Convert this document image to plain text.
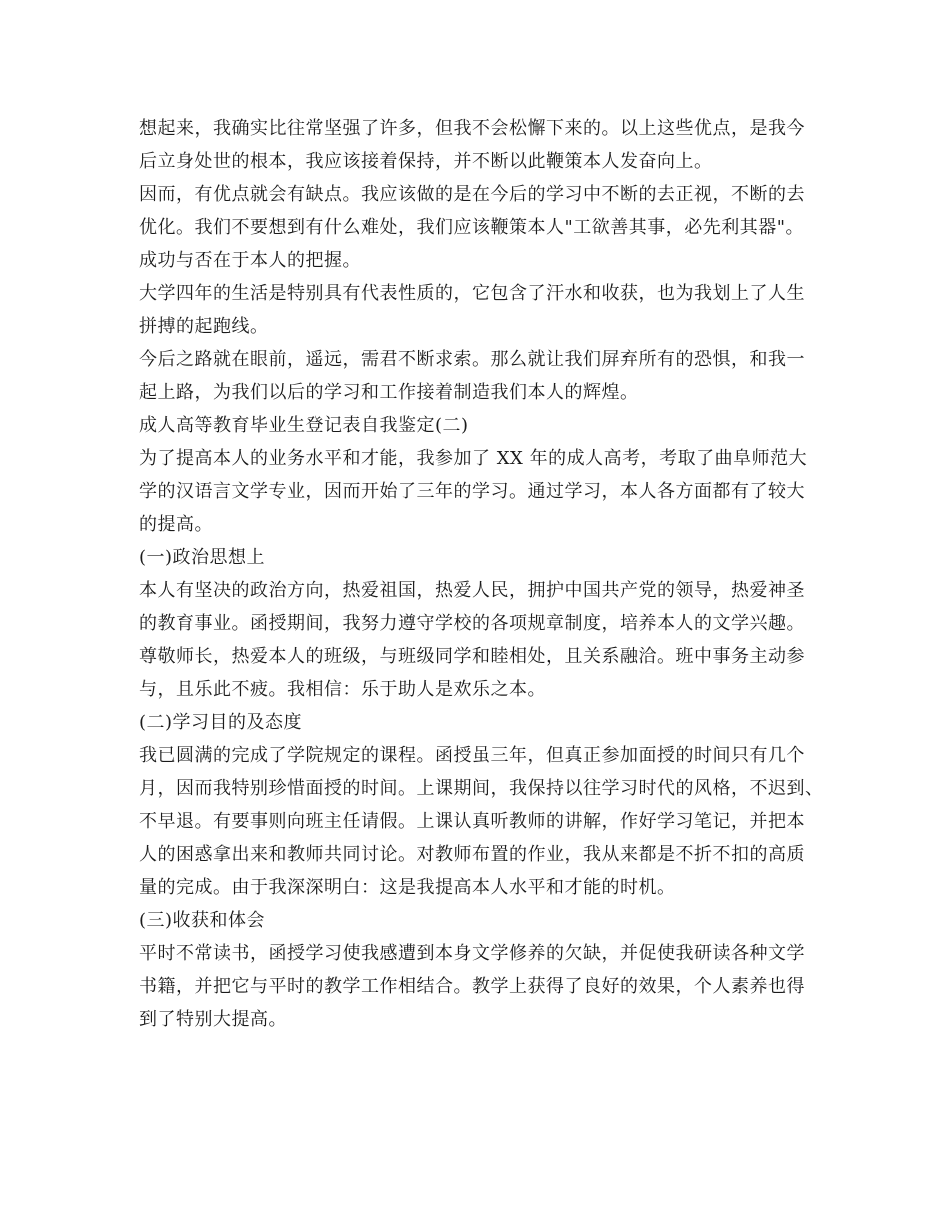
想起来，我确实比往常坚强了许多，但我不会松懈下来的。以上这些优点，是我今
后立身处世的根本，我应该接着保持，并不断以此鞭策本人发奋向上。
因而，有优点就会有缺点。我应该做的是在今后的学习中不断的去正视，不断的去
优化。我们不要想到有什么难处，我们应该鞭策本人"工欲善其事，必先利其器"。
成功与否在于本人的把握。
大学四年的生活是特别具有代表性质的，它包含了汗水和收获，也为我划上了人生
拼搏的起跑线。
今后之路就在眼前，遥远，需君不断求索。那么就让我们屏弃所有的恐惧，和我一
起上路，为我们以后的学习和工作接着制造我们本人的辉煌。
成人高等教育毕业生登记表自我鉴定(二)
为了提高本人的业务水平和才能，我参加了 XX 年的成人高考，考取了曲阜师范大
学的汉语言文学专业，因而开始了三年的学习。通过学习，本人各方面都有了较大
的提高。
(一)政治思想上
本人有坚决的政治方向，热爱祖国，热爱人民，拥护中国共产党的领导，热爱神圣
的教育事业。函授期间，我努力遵守学校的各项规章制度，培养本人的文学兴趣。
尊敬师长，热爱本人的班级，与班级同学和睦相处，且关系融洽。班中事务主动参
与，且乐此不疲。我相信：乐于助人是欢乐之本。
(二)学习目的及态度
我已圆满的完成了学院规定的课程。函授虽三年，但真正参加面授的时间只有几个
月，因而我特别珍惜面授的时间。上课期间，我保持以往学习时代的风格，不迟到、
不早退。有要事则向班主任请假。上课认真听教师的讲解，作好学习笔记，并把本
人的困惑拿出来和教师共同讨论。对教师布置的作业，我从来都是不折不扣的高质
量的完成。由于我深深明白：这是我提高本人水平和才能的时机。
(三)收获和体会
平时不常读书，函授学习使我感遭到本身文学修养的欠缺，并促使我研读各种文学
书籍，并把它与平时的教学工作相结合。教学上获得了良好的效果，个人素养也得
到了特别大提高。
